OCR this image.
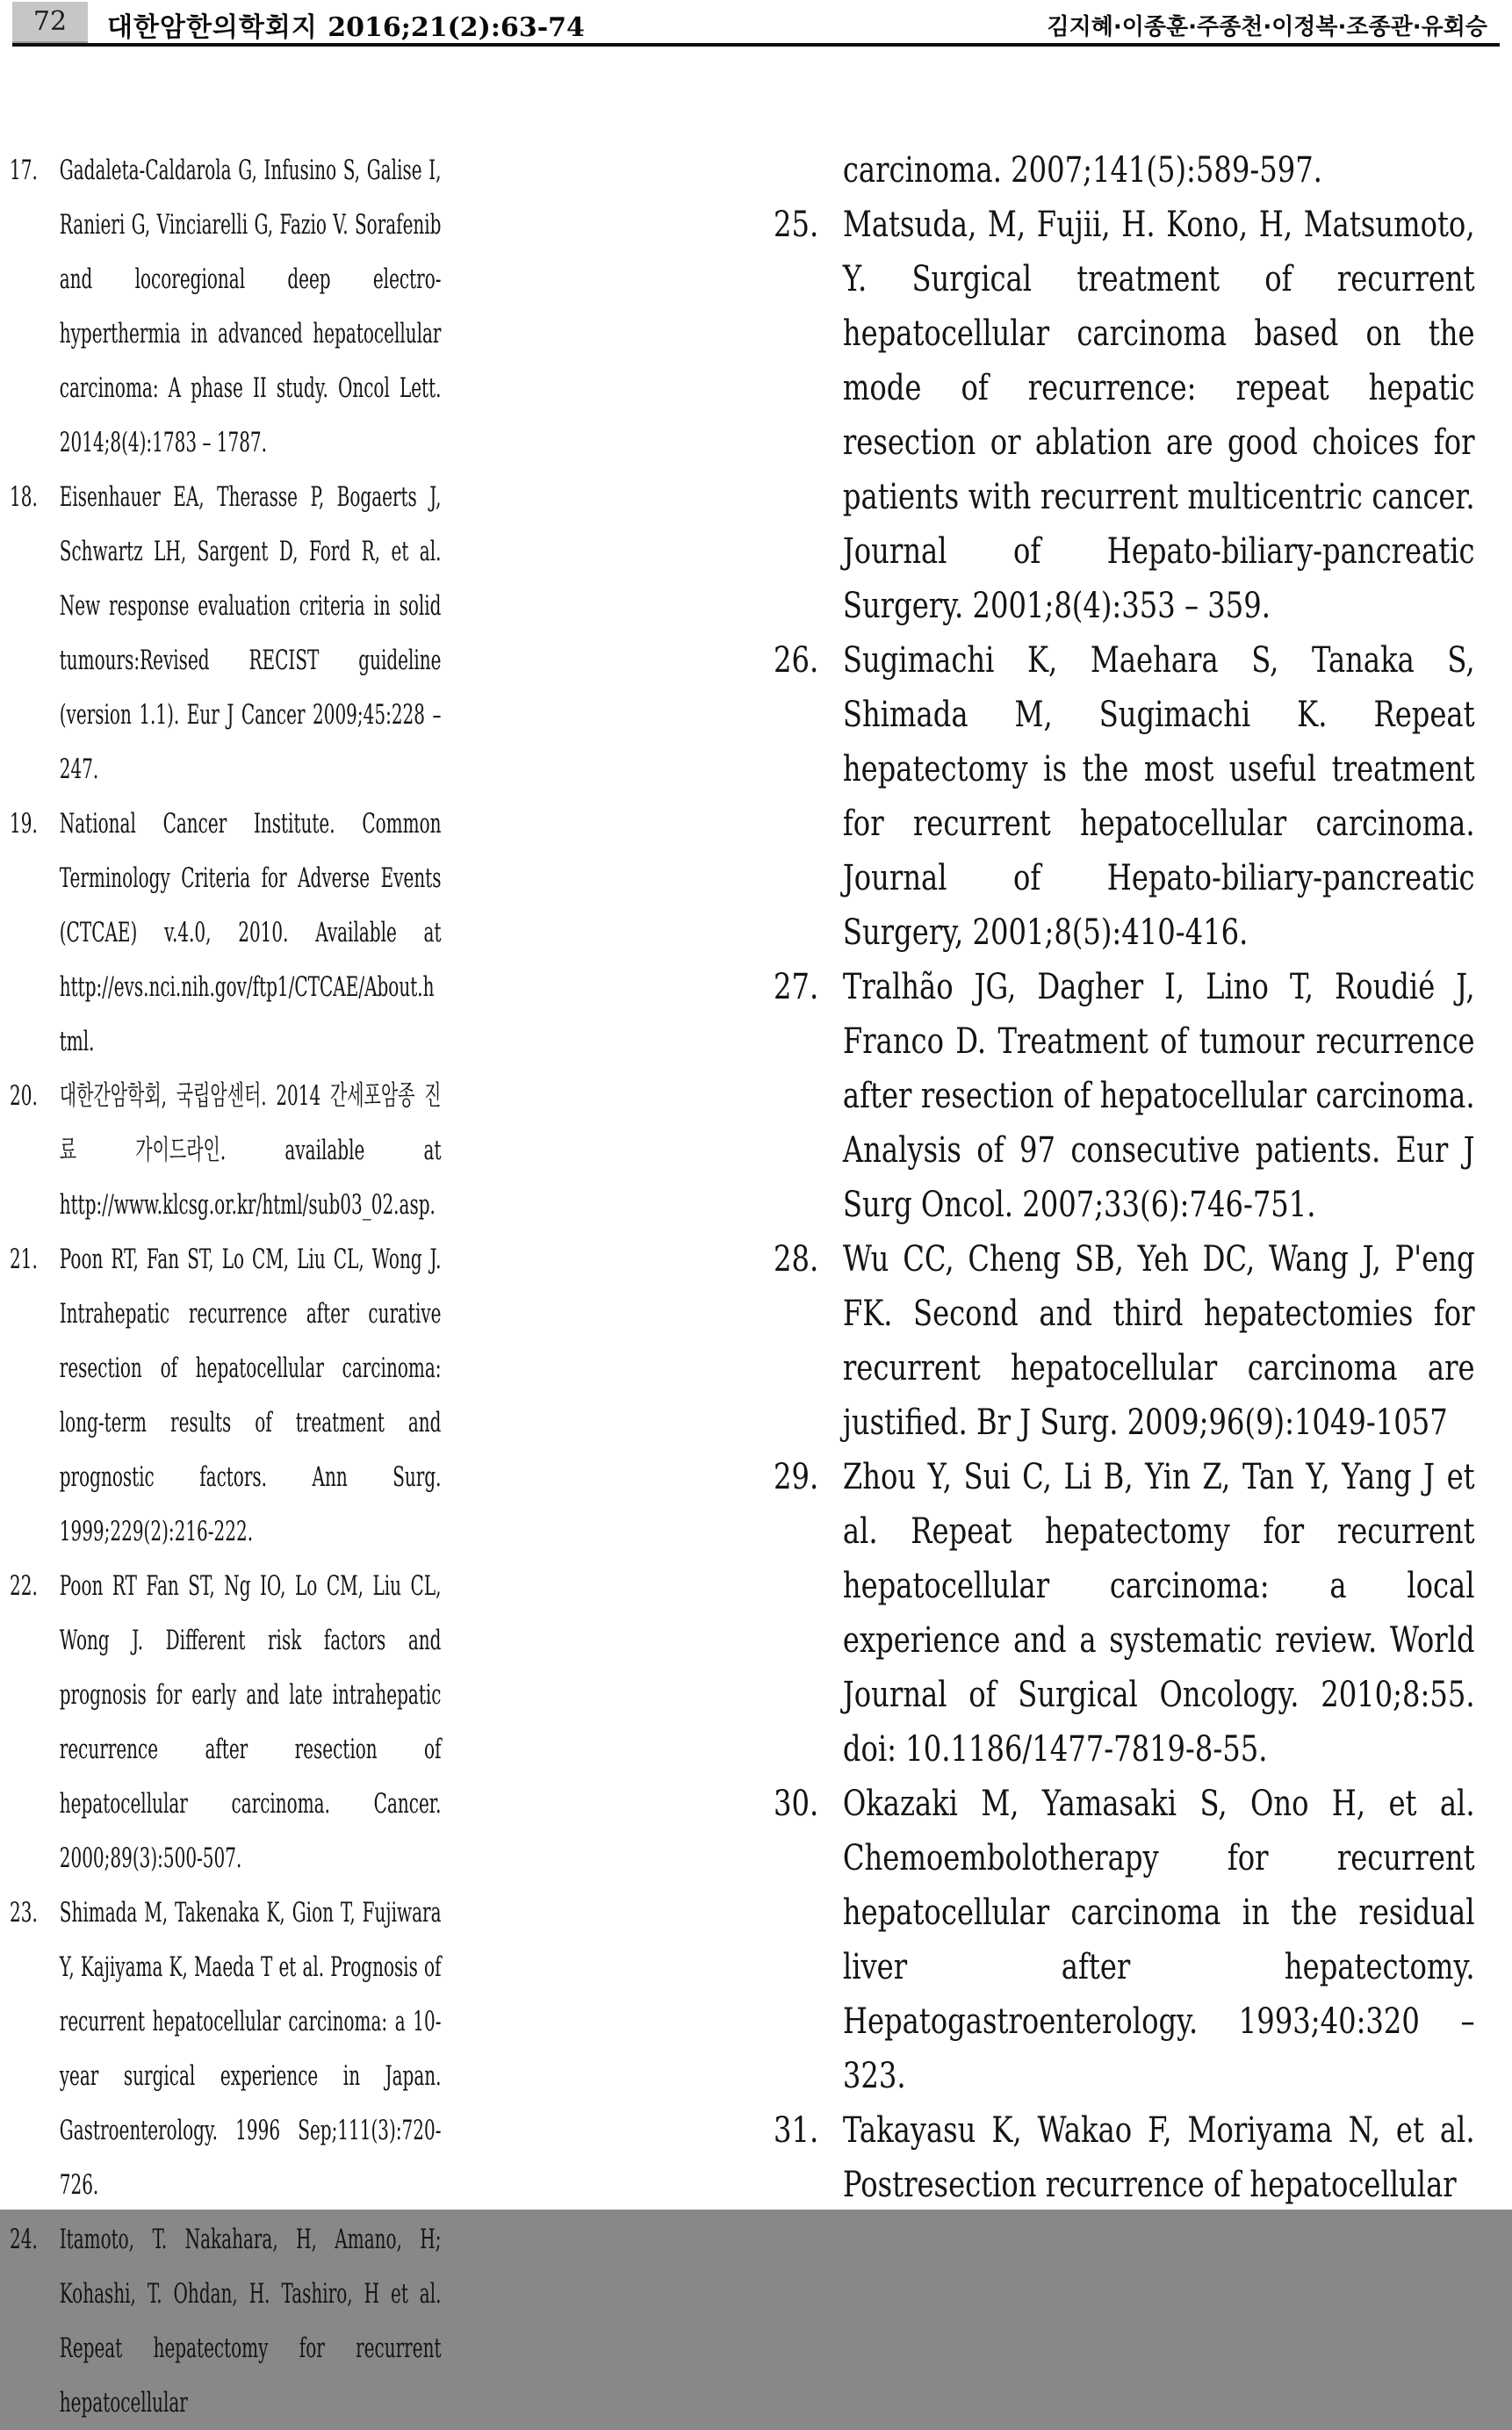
72 대한암한의학회지 2016;21(2):63-74	김지혜·이종훈·주종천·이정복·조종관·유회승
17. Gadaleta-Caldarola G, Infusino S, Galise I, Ranieri G, Vinciarelli G, Fazio V. Sorafenib and locoregional deep electro-hyperthermia in advanced hepatocellular carcinoma: A phase II study. Oncol Lett. 2014;8(4):1783 – 1787.
18. Eisenhauer EA, Therasse P, Bogaerts J, Schwartz LH, Sargent D, Ford R, et al. New response evaluation criteria in solid tumours:Revised RECIST guideline (version 1.1). Eur J Cancer 2009;45:228 – 247.
19. National Cancer Institute. Common Terminology Criteria for Adverse Events (CTCAE) v.4.0, 2010. Available at http://evs.nci.nih.gov/ftp1/CTCAE/About.html.
20. 대한간암학회, 국립암센터. 2014 간세포암종 진료 가이드라인. available at http://www.klcsg.or.kr/html/sub03_02.asp.
21. Poon RT, Fan ST, Lo CM, Liu CL, Wong J. Intrahepatic recurrence after curative resection of hepatocellular carcinoma: long-term results of treatment and prognostic factors. Ann Surg. 1999;229(2):216-222.
22. Poon RT Fan ST, Ng IO, Lo CM, Liu CL, Wong J. Different risk factors and prognosis for early and late intrahepatic recurrence after resection of hepatocellular carcinoma. Cancer. 2000;89(3):500-507.
23. Shimada M, Takenaka K, Gion T, Fujiwara Y, Kajiyama K, Maeda T et al. Prognosis of recurrent hepatocellular carcinoma: a 10-year surgical experience in Japan. Gastroenterology. 1996 Sep;111(3):720-726.
24. Itamoto, T. Nakahara, H, Amano, H; Kohashi, T. Ohdan, H. Tashiro, H et al. Repeat hepatectomy for recurrent hepatocellular
carcinoma. 2007;141(5):589-597.
25. Matsuda, M, Fujii, H. Kono, H, Matsumoto, Y. Surgical treatment of recurrent hepatocellular carcinoma based on the mode of recurrence: repeat hepatic resection or ablation are good choices for patients with recurrent multicentric cancer. Journal of Hepato-biliary-pancreatic Surgery. 2001;8(4):353 – 359.
26. Sugimachi K, Maehara S, Tanaka S, Shimada M, Sugimachi K. Repeat hepatectomy is the most useful treatment for recurrent hepatocellular carcinoma. Journal of Hepato-biliary-pancreatic Surgery, 2001;8(5):410-416.
27. Tralhão JG, Dagher I, Lino T, Roudié J, Franco D. Treatment of tumour recurrence after resection of hepatocellular carcinoma. Analysis of 97 consecutive patients. Eur J Surg Oncol. 2007;33(6):746-751.
28. Wu CC, Cheng SB, Yeh DC, Wang J, P'eng FK. Second and third hepatectomies for recurrent hepatocellular carcinoma are justified. Br J Surg. 2009;96(9):1049-1057
29. Zhou Y, Sui C, Li B, Yin Z, Tan Y, Yang J et al. Repeat hepatectomy for recurrent hepatocellular carcinoma: a local experience and a systematic review. World Journal of Surgical Oncology. 2010;8:55. doi: 10.1186/1477-7819-8-55.
30. Okazaki M, Yamasaki S, Ono H, et al. Chemoembolotherapy for recurrent hepatocellular carcinoma in the residual liver after hepatectomy. Hepatogastroenterology. 1993;40:320 – 323.
31. Takayasu K, Wakao F, Moriyama N, et al. Postresection recurrence of hepatocellular
